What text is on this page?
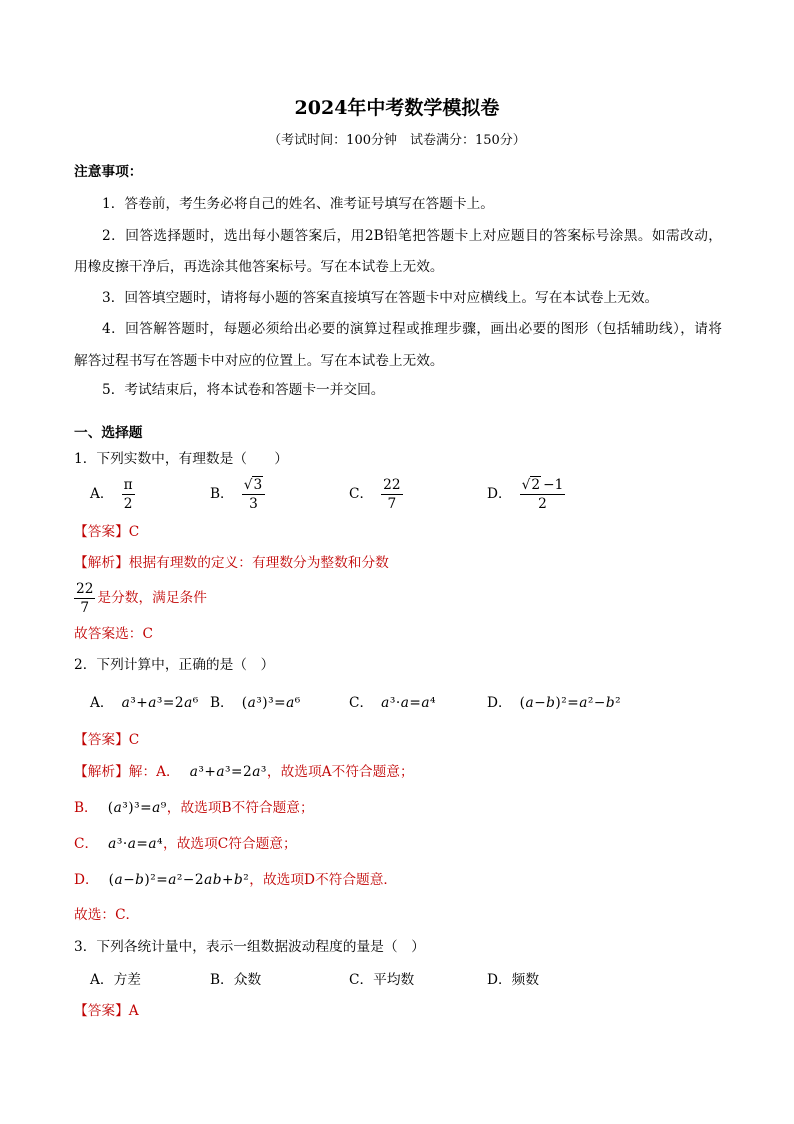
2024年中考数学模拟卷
（考试时间：100分钟　试卷满分：150分）
注意事项：
1．答卷前，考生务必将自己的姓名、准考证号填写在答题卡上。
2．回答选择题时，选出每小题答案后，用2B铅笔把答题卡上对应题目的答案标号涂黑。如需改动，
用橡皮擦干净后，再选涂其他答案标号。写在本试卷上无效。
3．回答填空题时，请将每小题的答案直接填写在答题卡中对应横线上。写在本试卷上无效。
4．回答解答题时，每题必须给出必要的演算过程或推理步骤，画出必要的图形（包括辅助线），请将
解答过程书写在答题卡中对应的位置上。写在本试卷上无效。
5．考试结束后，将本试卷和答题卡一并交回。
一、选择题
1．下列实数中，有理数是（　　）
A． $\frac{\pi}{2}$	B． $\frac{√3}{3}$	C． $\frac{22}{7}$	D． $\frac{√2 -1}{2}$
【答案】C
【解析】根据有理数的定义：有理数分为整数和分数
$\frac{22}{7}$ 是分数，满足条件
故答案选：C
2．下列计算中，正确的是（　）
A． a³+a³=2a⁶ B． (a³)³=a⁶	C． a³·a=a⁴	D． (a−b)²=a²−b²
【答案】C
【解析】解：A． a³+a³=2a³ ，故选项A不符合题意；
B． (a³)³=a⁹ ，故选项B不符合题意；
C． a³·a=a⁴ ，故选项C符合题意；
D． (a−b)²=a²−2ab+b² ，故选项D不符合题意．
故选：C．
3．下列各统计量中，表示一组数据波动程度的量是（　）
A． 方差	B． 众数	C． 平均数	D． 频数
【答案】A
